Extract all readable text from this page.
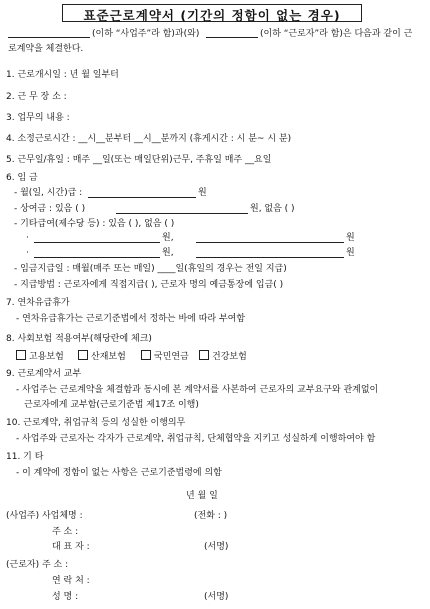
표준근로계약서 (기간의 정함이 없는 경우)
(이하 “사업주”라 함)과(와)	(이하 “근로자”라 함)은 다음과 같이 근
로계약을 체결한다.
1. 근로개시일 : 년 월 일부터
2. 근 무 장 소 :
3. 업무의 내용 :
4. 소정근로시간 : __시__분부터 __시__분까지 (휴게시간 : 시 분~ 시 분)
5. 근무일/휴일 : 매주 __일(또는 매일단위)근무, 주휴일 매주 __요일
6. 임 금
- 월(일, 시간)급 :	원
- 상여금 : 있음 ( )	원, 없음 ( )
- 기타급여(제수당 등) : 있음 ( ), 없음 ( )
·	원,	원
·	원,	원
- 임금지급일 : 매월(매주 또는 매일) ____일(휴일의 경우는 전일 지급)
- 지급방법 : 근로자에게 직접지급( ), 근로자 명의 예금통장에 입금( )
7. 연차유급휴가
- 연차유급휴가는 근로기준법에서 정하는 바에 따라 부여함
8. 사회보험 적용여부(해당란에 체크)
고용보험	산재보험	국민연금	건강보험
9. 근로계약서 교부
- 사업주는 근로계약을 체결함과 동시에 본 계약서를 사본하여 근로자의 교부요구와 관계없이
근로자에게 교부함(근로기준법 제17조 이행)
10. 근로계약, 취업규칙 등의 성실한 이행의무
- 사업주와 근로자는 각자가 근로계약, 취업규칙, 단체협약을 지키고 성실하게 이행하여야 함
11. 기 타
- 이 계약에 정함이 없는 사항은 근로기준법령에 의함
년 월 일
(사업주) 사업체명 :	(전화 : )
주 소 :
대 표 자 :	(서명)
(근로자) 주 소 :
연 락 처 :
성 명 :	(서명)
